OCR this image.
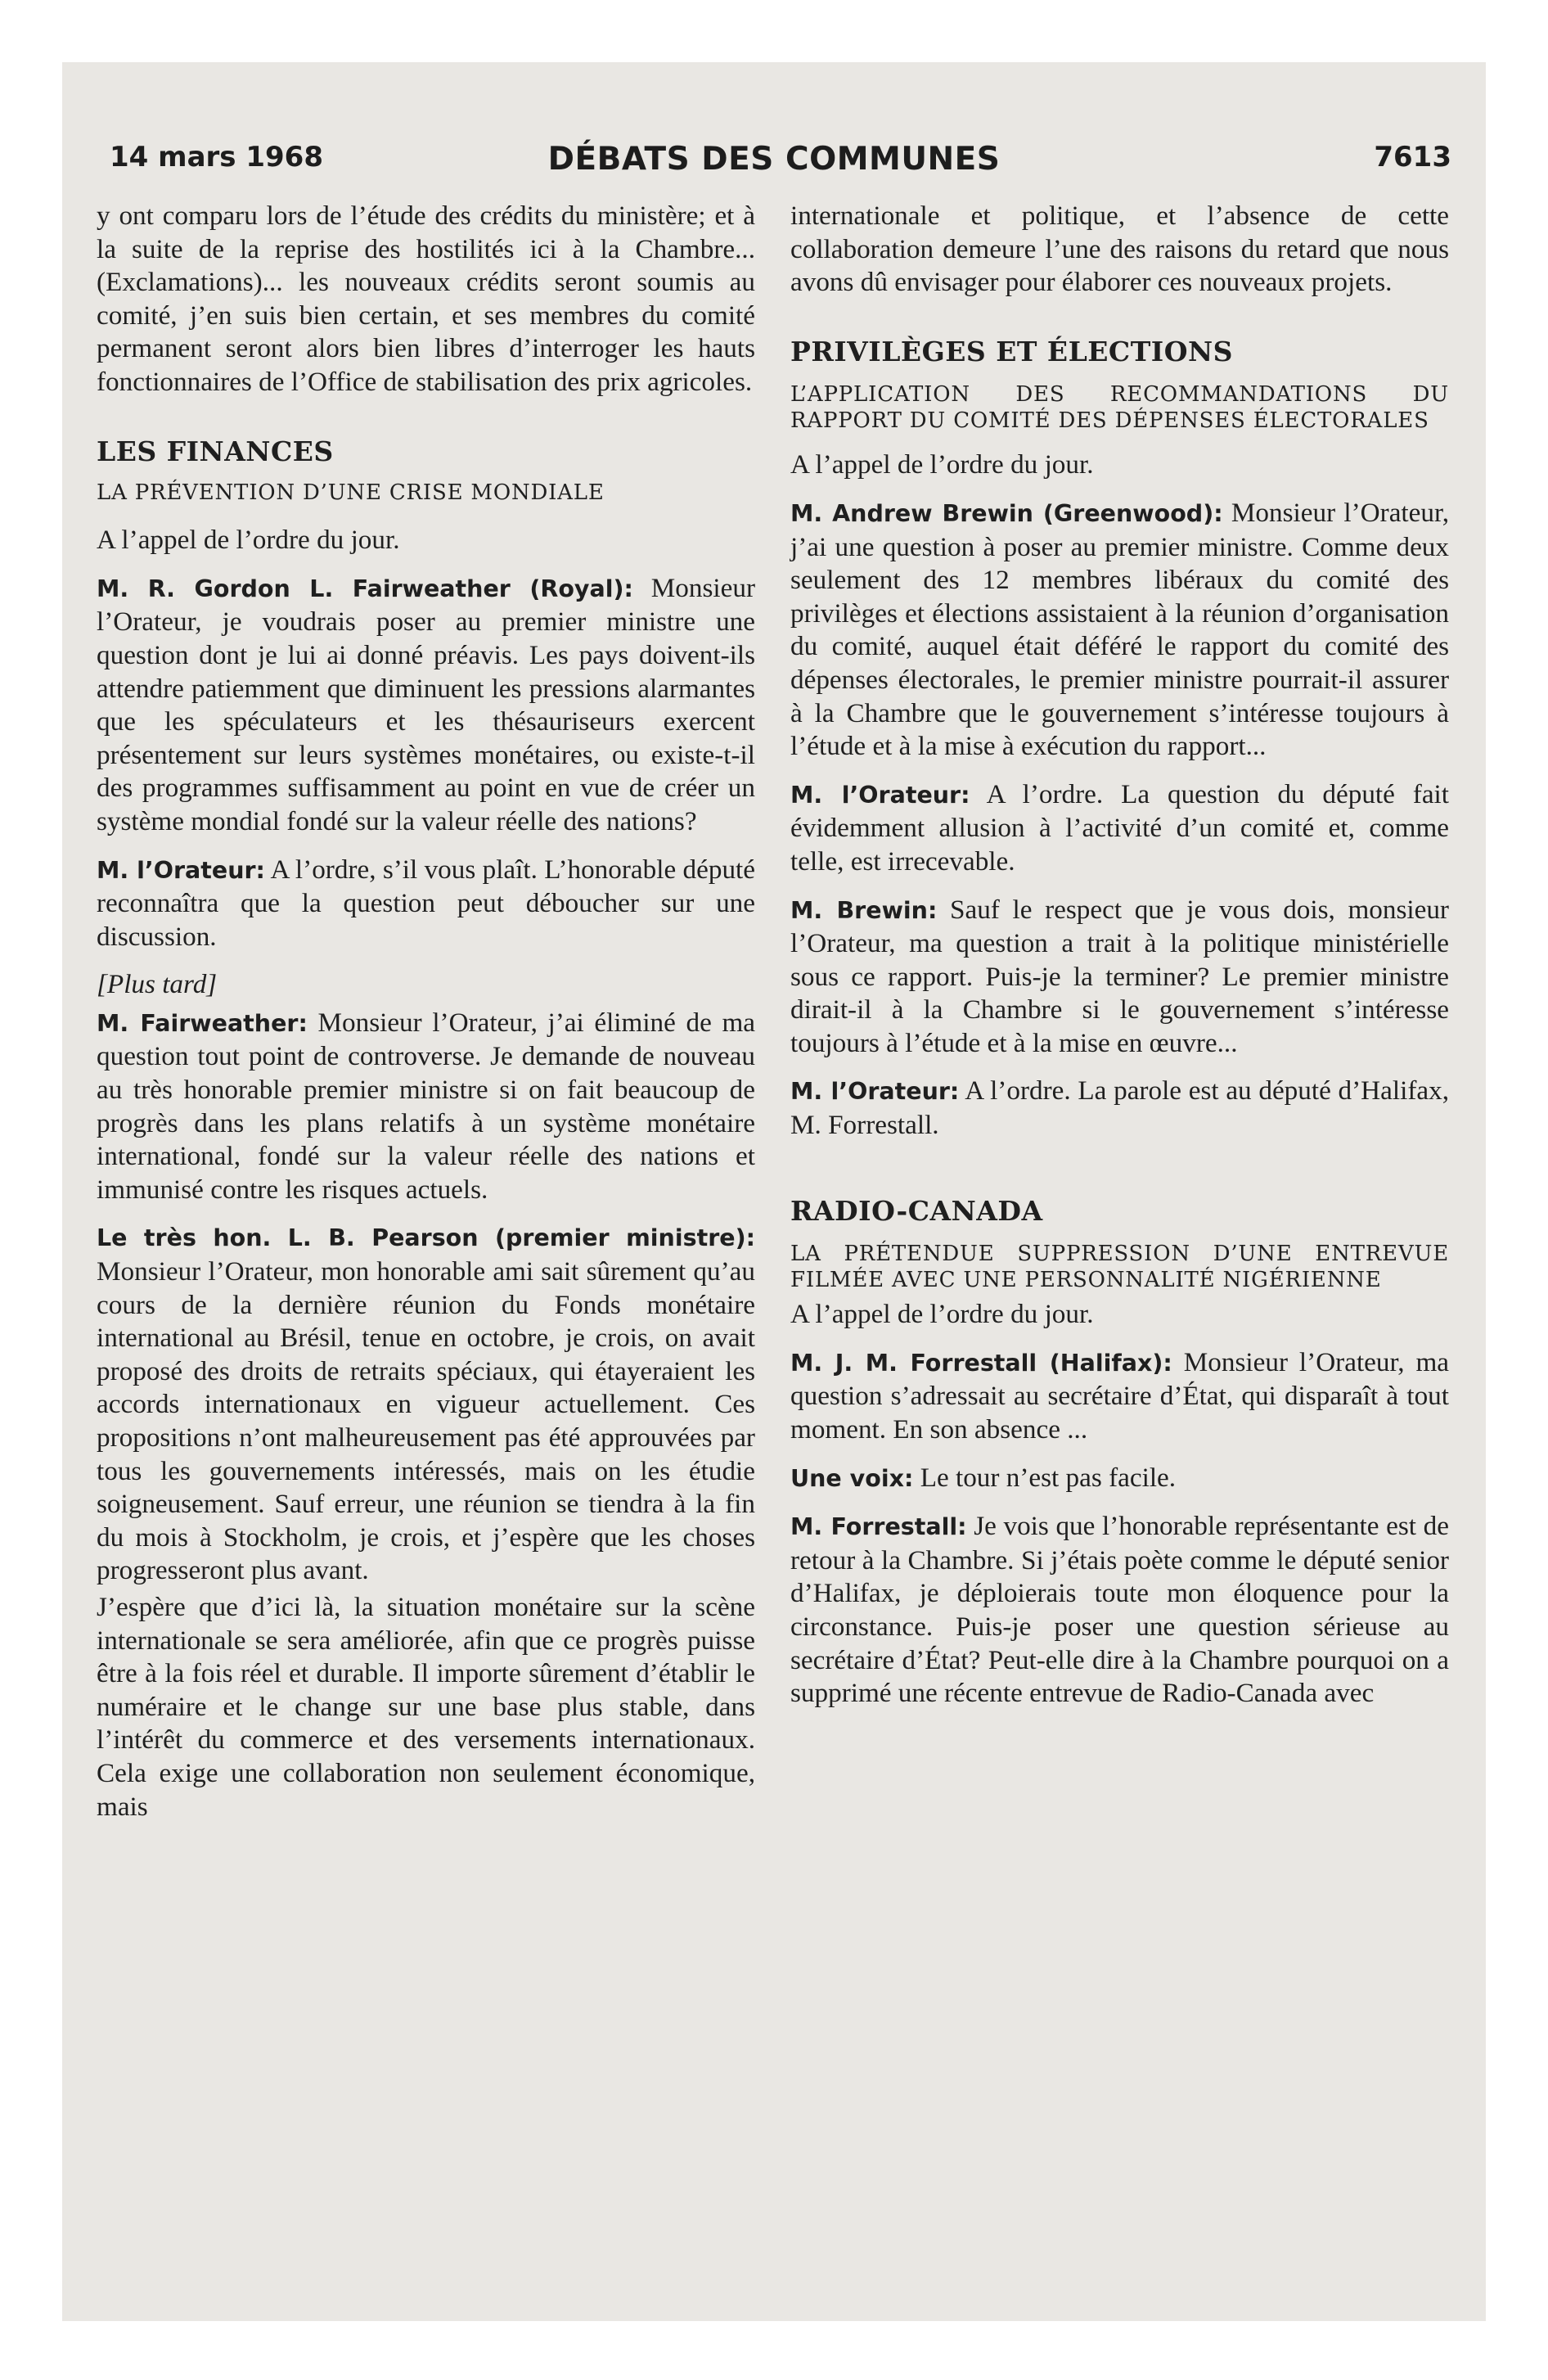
14 mars 1968	DÉBATS DES COMMUNES	7613

y ont comparu lors de l’étude des crédits du ministère; et à la suite de la reprise des hostilités ici à la Chambre... (Exclamations)... les nouveaux crédits seront soumis au comité, j’en suis bien certain, et ses membres du comité permanent seront alors bien libres d’interroger les hauts fonctionnaires de l’Office de stabilisation des prix agricoles.

LES FINANCES

LA PRÉVENTION D’UNE CRISE MONDIALE

A l’appel de l’ordre du jour.

M. R. Gordon L. Fairweather (Royal): Monsieur l’Orateur, je voudrais poser au premier ministre une question dont je lui ai donné préavis. Les pays doivent-ils attendre patiemment que diminuent les pressions alarmantes que les spéculateurs et les thésauriseurs exercent présentement sur leurs systèmes monétaires, ou existe-t-il des programmes suffisamment au point en vue de créer un système mondial fondé sur la valeur réelle des nations?

M. l’Orateur: A l’ordre, s’il vous plaît. L’honorable député reconnaîtra que la question peut déboucher sur une discussion.

[Plus tard]

M. Fairweather: Monsieur l’Orateur, j’ai éliminé de ma question tout point de controverse. Je demande de nouveau au très honorable premier ministre si on fait beaucoup de progrès dans les plans relatifs à un système monétaire international, fondé sur la valeur réelle des nations et immunisé contre les risques actuels.

Le très hon. L. B. Pearson (premier ministre): Monsieur l’Orateur, mon honorable ami sait sûrement qu’au cours de la dernière réunion du Fonds monétaire international au Brésil, tenue en octobre, je crois, on avait proposé des droits de retraits spéciaux, qui étayeraient les accords internationaux en vigueur actuellement. Ces propositions n’ont malheureusement pas été approuvées par tous les gouvernements intéressés, mais on les étudie soigneusement. Sauf erreur, une réunion se tiendra à la fin du mois à Stockholm, je crois, et j’espère que les choses progresseront plus avant.

J’espère que d’ici là, la situation monétaire sur la scène internationale se sera améliorée, afin que ce progrès puisse être à la fois réel et durable. Il importe sûrement d’établir le numéraire et le change sur une base plus stable, dans l’intérêt du commerce et des versements internationaux. Cela exige une collaboration non seulement économique, mais

internationale et politique, et l’absence de cette collaboration demeure l’une des raisons du retard que nous avons dû envisager pour élaborer ces nouveaux projets.

PRIVILÈGES ET ÉLECTIONS

L’APPLICATION DES RECOMMANDATIONS DU RAPPORT DU COMITÉ DES DÉPENSES ÉLECTORALES

A l’appel de l’ordre du jour.

M. Andrew Brewin (Greenwood): Monsieur l’Orateur, j’ai une question à poser au premier ministre. Comme deux seulement des 12 membres libéraux du comité des privilèges et élections assistaient à la réunion d’organisation du comité, auquel était déféré le rapport du comité des dépenses électorales, le premier ministre pourrait-il assurer à la Chambre que le gouvernement s’intéresse toujours à l’étude et à la mise à exécution du rapport...

M. l’Orateur: A l’ordre. La question du député fait évidemment allusion à l’activité d’un comité et, comme telle, est irrecevable.

M. Brewin: Sauf le respect que je vous dois, monsieur l’Orateur, ma question a trait à la politique ministérielle sous ce rapport. Puis-je la terminer? Le premier ministre dirait-il à la Chambre si le gouvernement s’intéresse toujours à l’étude et à la mise en œuvre...

M. l’Orateur: A l’ordre. La parole est au député d’Halifax, M. Forrestall.

RADIO-CANADA

LA PRÉTENDUE SUPPRESSION D’UNE ENTREVUE FILMÉE AVEC UNE PERSONNALITÉ NIGÉRIENNE

A l’appel de l’ordre du jour.

M. J. M. Forrestall (Halifax): Monsieur l’Orateur, ma question s’adressait au secrétaire d’État, qui disparaît à tout moment. En son absence ...

Une voix: Le tour n’est pas facile.

M. Forrestall: Je vois que l’honorable représentante est de retour à la Chambre. Si j’étais poète comme le député senior d’Halifax, je déploierais toute mon éloquence pour la circonstance. Puis-je poser une question sérieuse au secrétaire d’État? Peut-elle dire à la Chambre pourquoi on a supprimé une récente entrevue de Radio-Canada avec
